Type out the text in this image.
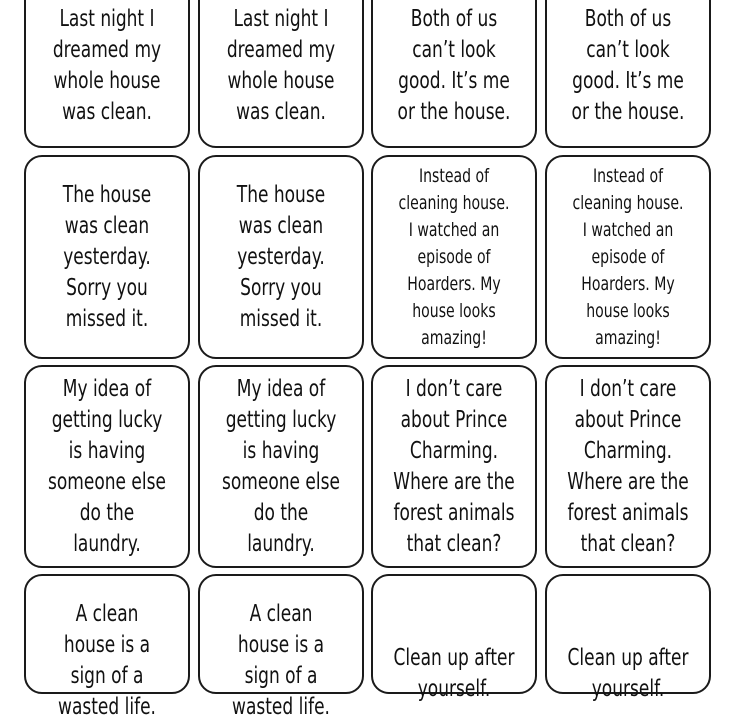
Last night I
dreamed my
whole house
was clean.
Last night I
dreamed my
whole house
was clean.
Both of us
can’t look
good. It’s me
or the house.
Both of us
can’t look
good. It’s me
or the house.
The house
was clean
yesterday.
Sorry you
missed it.
The house
was clean
yesterday.
Sorry you
missed it.
Instead of
cleaning house.
I watched an
episode of
Hoarders. My
house looks
amazing!
Instead of
cleaning house.
I watched an
episode of
Hoarders. My
house looks
amazing!
My idea of
getting lucky
is having
someone else
do the
laundry.
My idea of
getting lucky
is having
someone else
do the
laundry.
I don’t care
about Prince
Charming.
Where are the
forest animals
that clean?
I don’t care
about Prince
Charming.
Where are the
forest animals
that clean?
A clean
house is a
sign of a
wasted life.
A clean
house is a
sign of a
wasted life.
Clean up after
yourself.
Clean up after
yourself.
